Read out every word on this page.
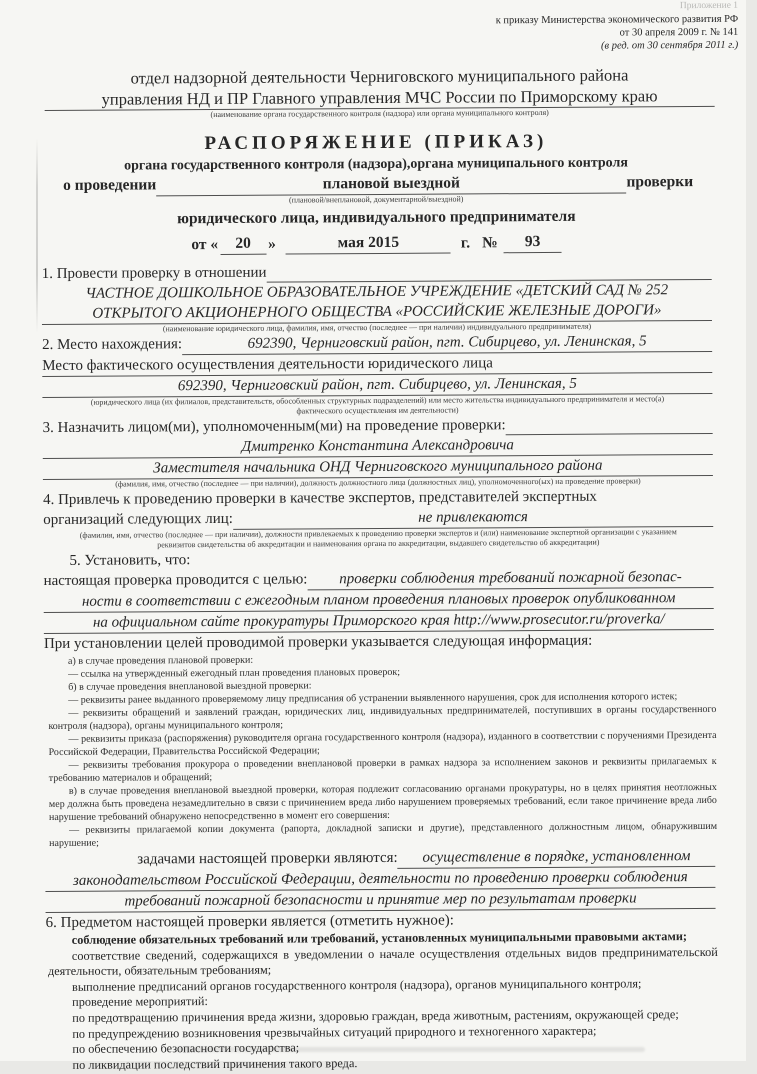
Приложение 1
к приказу Министерства экономического развития РФ
от 30 апреля 2009 г. № 141
(в ред. от 30 сентября 2011 г.)
отдел надзорной деятельности Черниговского муниципального района
управления НД и ПР Главного управления МЧС России по Приморскому краю
(наименование органа государственного контроля (надзора) или органа муниципального контроля)
РАСПОРЯЖЕНИЕ (ПРИКАЗ)
органа государственного контроля (надзора),органа муниципального контроля
о проведении	плановой выездной	проверки
(плановой/внеплановой, документарной/выездной)
юридического лица, индивидуального предпринимателя
от «	20	»	мая 2015	г. №	93
1. Провести проверку в отношении
ЧАСТНОЕ ДОШКОЛЬНОЕ ОБРАЗОВАТЕЛЬНОЕ УЧРЕЖДЕНИЕ «ДЕТСКИЙ САД № 252
ОТКРЫТОГО АКЦИОНЕРНОГО ОБЩЕСТВА «РОССИЙСКИЕ ЖЕЛЕЗНЫЕ ДОРОГИ»
(наименование юридического лица, фамилия, имя, отчество (последнее — при наличии) индивидуального предпринимателя)
2. Место нахождения:	692390, Черниговский район, пгт. Сибирцево, ул. Ленинская, 5
Место фактического осуществления деятельности юридического лица
692390, Черниговский район, пгт. Сибирцево, ул. Ленинская, 5
(юридического лица (их филиалов, представительств, обособленных структурных подразделений) или место жительства индивидуального предпринимателя и место(а) фактического осуществления им деятельности)
3. Назначить лицом(ми), уполномоченным(ми) на проведение проверки:
Дмитренко Константина Александровича
Заместителя начальника ОНД Черниговского муниципального района
(фамилия, имя, отчество (последнее — при наличии), должность должностного лица (должностных лиц), уполномоченного(ых) на проведение проверки)
4. Привлечь к проведению проверки в качестве экспертов, представителей экспертных
организаций следующих лиц:	не привлекаются
(фамилия, имя, отчество (последнее — при наличии), должности привлекаемых к проведению проверки экспертов и (или) наименование экспертной организации с указанием реквизитов свидетельства об аккредитации и наименования органа по аккредитации, выдавшего свидетельство об аккредитации)
5. Установить, что:
настоящая проверка проводится с целью:	проверки соблюдения требований пожарной безопас-
ности в соответствии с ежегодным планом проведения плановых проверок опубликованном
на официальном сайте прокуратуры Приморского края http://www.prosecutor.ru/proverka/
При установлении целей проводимой проверки указывается следующая информация:

а) в случае проведения плановой проверки:

— ссылка на утвержденный ежегодный план проведения плановых проверок;

б) в случае проведения внеплановой выездной проверки:

— реквизиты ранее выданного проверяемому лицу предписания об устранении выявленного нарушения, срок для исполнения которого истек;

— реквизиты обращений и заявлений граждан, юридических лиц, индивидуальных предпринимателей, поступивших в органы государственного контроля (надзора), органы муниципального контроля;

— реквизиты приказа (распоряжения) руководителя органа государственного контроля (надзора), изданного в соответствии с поручениями Президента Российской Федерации, Правительства Российской Федерации;

— реквизиты требования прокурора о проведении внеплановой проверки в рамках надзора за исполнением законов и реквизиты прилагаемых к требованию материалов и обращений;

в) в случае проведения внеплановой выездной проверки, которая подлежит согласованию органами прокуратуры, но в целях принятия неотложных мер должна быть проведена незамедлительно в связи с причинением вреда либо нарушением проверяемых требований, если такое причинение вреда либо нарушение требований обнаружено непосредственно в момент его совершения:

— реквизиты прилагаемой копии документа (рапорта, докладной записки и другие), представленного должностным лицом, обнаружившим нарушение;

задачами настоящей проверки являются:	осуществление в порядке, установленном
законодательством Российской Федерации, деятельности по проведению проверки соблюдения
требований пожарной безопасности и принятие мер по результатам проверки
6. Предметом настоящей проверки является (отметить нужное):

соблюдение обязательных требований или требований, установленных муниципальными правовыми актами;

соответствие сведений, содержащихся в уведомлении о начале осуществления отдельных видов предпринимательской деятельности, обязательным требованиям;

выполнение предписаний органов государственного контроля (надзора), органов муниципального контроля;

проведение мероприятий:

по предотвращению причинения вреда жизни, здоровью граждан, вреда животным, растениям, окружающей среде;

по предупреждению возникновения чрезвычайных ситуаций природного и техногенного характера;

по обеспечению безопасности государства;

по ликвидации последствий причинения такого вреда.
